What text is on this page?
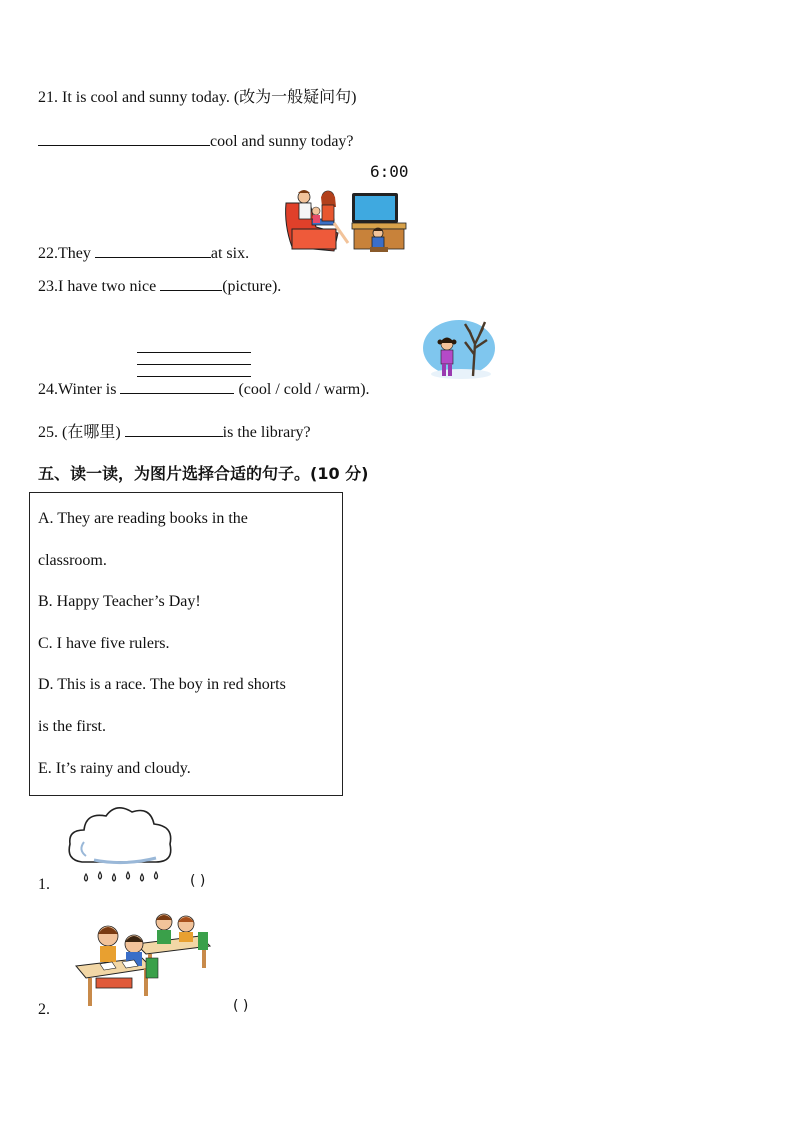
21. It is cool and sunny today. (改为一般疑问句)
cool and sunny today?
6:00
22.They	at six.
23.I have two nice	(picture).
24.Winter is	(cool / cold / warm).
25. (在哪里)	is the library?
五、读一读，为图片选择合适的句子。(10 分)
A. They are reading books in the
classroom.
B. Happy Teacher’s Day!
C. I have five rulers.
D. This is a race. The boy in red shorts
is the first.
E. It’s rainy and cloudy.
1.	( )
2.	( )
